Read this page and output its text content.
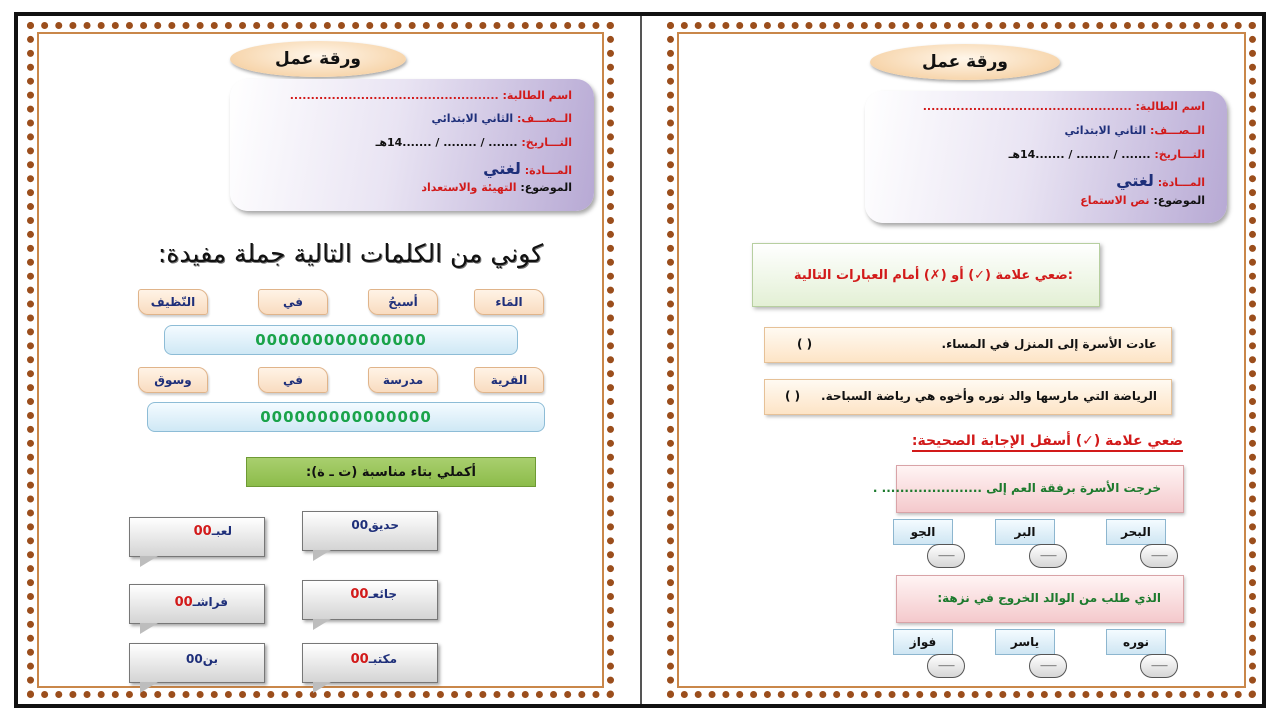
ورقة عمل
اسم الطالبة: ..................................................
الــصـــف: الثاني الابتدائي
التـــاريخ: ....... / ........ / .......14هـ
المـــادة: لغتي
الموضوع: التهيئة والاستعداد
كوني من الكلمات التالية جملة مفيدة:
المَاء
أسبحُ
في
النّظيف
000000000000000
القرية
مدرسة
في
وسوق
000000000000000
أكملي بتاء مناسبة (ت ـ ة):
حديق00
لعبـ00
جائعـ00
فراشـ00
مكتبـ00
بن00
ورقة عمل
اسم الطالبة: ..................................................
الــصـــف: الثاني الابتدائي
التـــاريخ: ....... / ........ / .......14هـ
المـــادة: لغتي
الموضوع: نص الاستماع
ضعي علامة (✓) أو (✗) أمام العبارات التالية:
عادت الأسرة إلى المنزل في المساء.
( )
الرياضة التي مارسها والد نوره وأخوه هي رياضة السباحة.
( )
ضعي علامة (✓) أسفل الإجابة الصحيحة:
خرجت الأسرة برفقة العم إلى ...................... .
البحر
——
البر
——
الجو
——
الذي طلب من الوالد الخروج في نزهة:
نوره
——
ياسر
——
فواز
——
